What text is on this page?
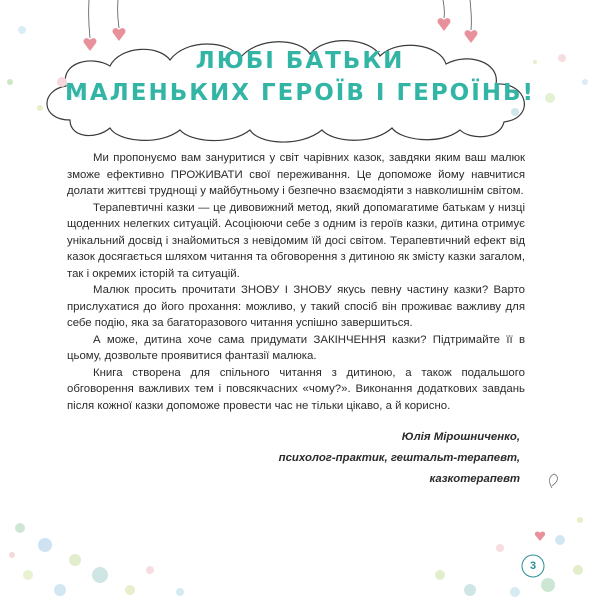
ЛЮБІ БАТЬКИ
МАЛЕНЬКИХ ГЕРОЇВ І ГЕРОЇНЬ!

Ми пропонуємо вам зануритися у світ чарівних казок, завдяки яким ваш малюк зможе ефективно ПРОЖИВАТИ свої переживання. Це допоможе йому навчитися долати життєві труднощі у майбутньому і безпечно взаємодіяти з навколишнім світом.

Терапевтичні казки — це дивовижний метод, який допомагатиме батькам у низці щоденних нелегких ситуацій. Асоціюючи себе з одним із героїв казки, дитина отримує унікальний досвід і знайомиться з невідомим їй досі світом. Терапевтичний ефект від казок досягається шляхом читання та обговорення з дитиною як змісту казки загалом, так і окремих історій та ситуацій.

Малюк просить прочитати ЗНОВУ І ЗНОВУ якусь певну частину казки? Варто прислухатися до його прохання: можливо, у такий спосіб він проживає важливу для себе подію, яка за багаторазового читання успішно завершиться.

А може, дитина хоче сама придумати ЗАКІНЧЕННЯ казки? Підтримайте її в цьому, дозвольте проявитися фантазії малюка.

Книга створена для спільного читання з дитиною, а також подальшого обговорення важливих тем і повсякчасних «чому?». Виконання додаткових завдань після кожної казки допоможе провести час не тільки цікаво, а й корисно.

Юлія Мірошниченко,
психолог-практик, гештальт-терапевт,
казкотерапевт
3
